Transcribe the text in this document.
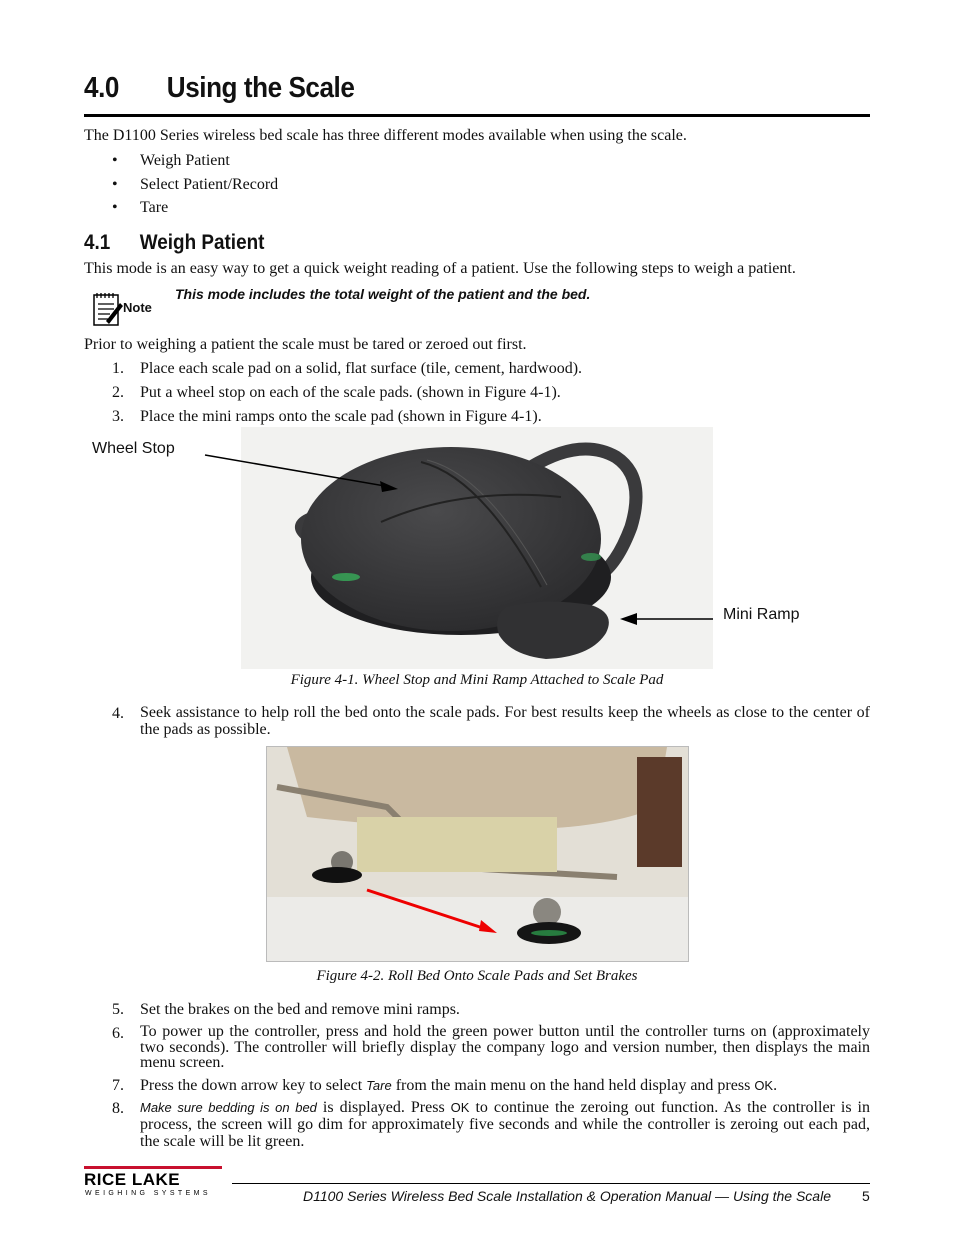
4.0 Using the Scale
The D1100 Series wireless bed scale has three different modes available when using the scale.
• Weigh Patient
• Select Patient/Record
• Tare
4.1 Weigh Patient
This mode is an easy way to get a quick weight reading of a patient. Use the following steps to weigh a patient.
Note
This mode includes the total weight of the patient and the bed.
Prior to weighing a patient the scale must be tared or zeroed out first.
1.	Place each scale pad on a solid, flat surface (tile, cement, hardwood).
2.	Put a wheel stop on each of the scale pads. (shown in Figure 4-1).
3.	Place the mini ramps onto the scale pad (shown in Figure 4-1).
Wheel Stop
Mini Ramp
Figure 4-1. Wheel Stop and Mini Ramp Attached to Scale Pad
4.	Seek assistance to help roll the bed onto the scale pads. For best results keep the wheels as close to the center of the pads as possible.
Figure 4-2. Roll Bed Onto Scale Pads and Set Brakes
5.	Set the brakes on the bed and remove mini ramps.
6.	To power up the controller, press and hold the green power button until the controller turns on (approximately two seconds). The controller will briefly display the company logo and version number, then displays the main menu screen.
7.	Press the down arrow key to select Tare from the main menu on the hand held display and press OK.
8.	Make sure bedding is on bed is displayed. Press OK to continue the zeroing out function. As the controller is in process, the screen will go dim for approximately five seconds and while the controller is zeroing out each pad, the scale will be lit green.
RICE LAKE
WEIGHING SYSTEMS	D1100 Series Wireless Bed Scale Installation & Operation Manual — Using the Scale 5
